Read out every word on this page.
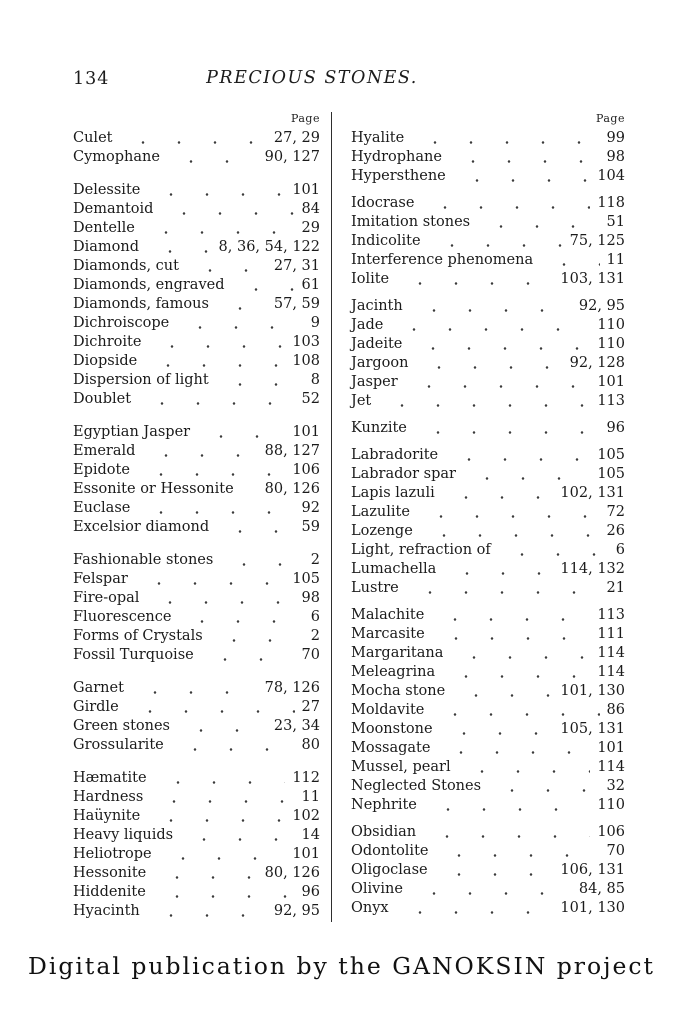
134	PRECIOUS STONES.
Page
Culet	27, 29
Cymophane	90, 127
Delessite	101
Demantoid	84
Dentelle	29
Diamond	8, 36, 54, 122
Diamonds, cut	27, 31
Diamonds, engraved	61
Diamonds, famous	57, 59
Dichroiscope	9
Dichroite	103
Diopside	108
Dispersion of light	8
Doublet	52
Egyptian Jasper	101
Emerald	88, 127
Epidote	106
Essonite or Hessonite 80, 126
Euclase	92
Excelsior diamond	59
Fashionable stones	2
Felspar	105
Fire-opal	98
Fluorescence	6
Forms of Crystals	2
Fossil Turquoise	70
Garnet	78, 126
Girdle	27
Green stones	23, 34
Grossularite	80
Hæmatite	112
Hardness	11
Haüynite	102
Heavy liquids	14
Heliotrope	101
Hessonite	80, 126
Hiddenite	96
Hyacinth	92, 95
Page
Hyalite	99
Hydrophane	98
Hypersthene	104
Idocrase	118
Imitation stones	51
Indicolite	75, 125
Interference phenomena	11
Iolite	103, 131
Jacinth	92, 95
Jade	110
Jadeite	110
Jargoon	92, 128
Jasper	101
Jet	113
Kunzite	96
Labradorite	105
Labrador spar	105
Lapis lazuli	102, 131
Lazulite	72
Lozenge	26
Light, refraction of	6
Lumachella	114, 132
Lustre	21
Malachite	113
Marcasite	111
Margaritana	114
Meleagrina	114
Mocha stone	101, 130
Moldavite	86
Moonstone	105, 131
Mossagate	101
Mussel, pearl	114
Neglected Stones	32
Nephrite	110
Obsidian	106
Odontolite	70
Oligoclase	106, 131
Olivine	84, 85
Onyx	101, 130
Digital publication by the GANOKSIN project
